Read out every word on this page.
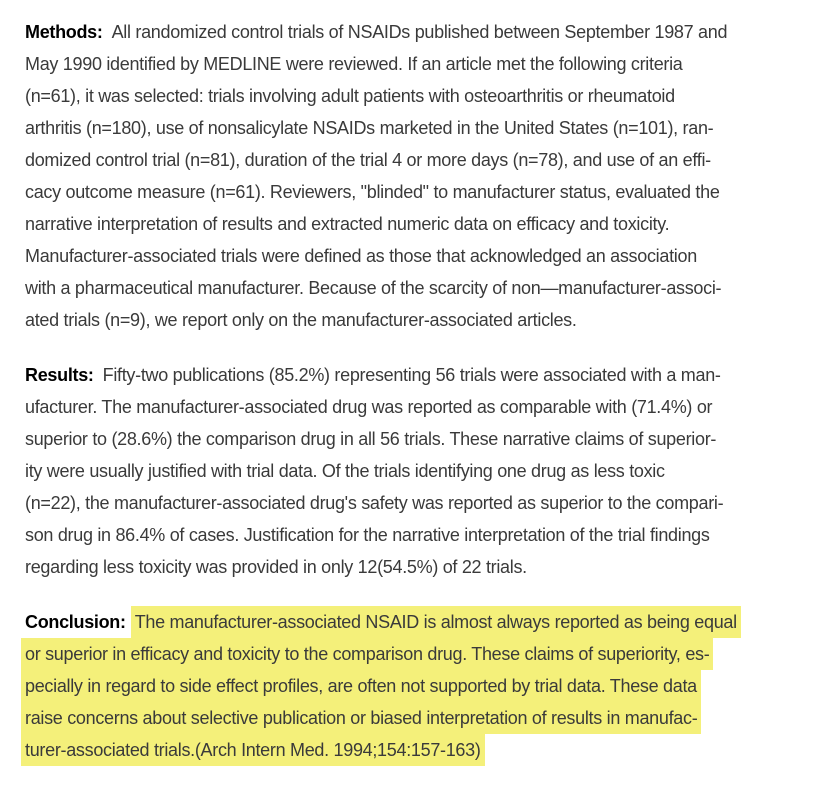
Methods: All randomized control trials of NSAIDs published between September 1987 and
May 1990 identified by MEDLINE were reviewed. If an article met the following criteria
(n=61), it was selected: trials involving adult patients with osteoarthritis or rheumatoid
arthritis (n=180), use of nonsalicylate NSAIDs marketed in the United States (n=101), ran-
domized control trial (n=81), duration of the trial 4 or more days (n=78), and use of an effi-
cacy outcome measure (n=61). Reviewers, "blinded" to manufacturer status, evaluated the
narrative interpretation of results and extracted numeric data on efficacy and toxicity.
Manufacturer-associated trials were defined as those that acknowledged an association
with a pharmaceutical manufacturer. Because of the scarcity of non—manufacturer-associ-
ated trials (n=9), we report only on the manufacturer-associated articles.
Results: Fifty-two publications (85.2%) representing 56 trials were associated with a man-
ufacturer. The manufacturer-associated drug was reported as comparable with (71.4%) or
superior to (28.6%) the comparison drug in all 56 trials. These narrative claims of superior-
ity were usually justified with trial data. Of the trials identifying one drug as less toxic
(n=22), the manufacturer-associated drug's safety was reported as superior to the compari-
son drug in 86.4% of cases. Justification for the narrative interpretation of the trial findings
regarding less toxicity was provided in only 12(54.5%) of 22 trials.
Conclusion: The manufacturer-associated NSAID is almost always reported as being equal
or superior in efficacy and toxicity to the comparison drug. These claims of superiority, es-
pecially in regard to side effect profiles, are often not supported by trial data. These data
raise concerns about selective publication or biased interpretation of results in manufac-
turer-associated trials.(Arch Intern Med. 1994;154:157-163)
